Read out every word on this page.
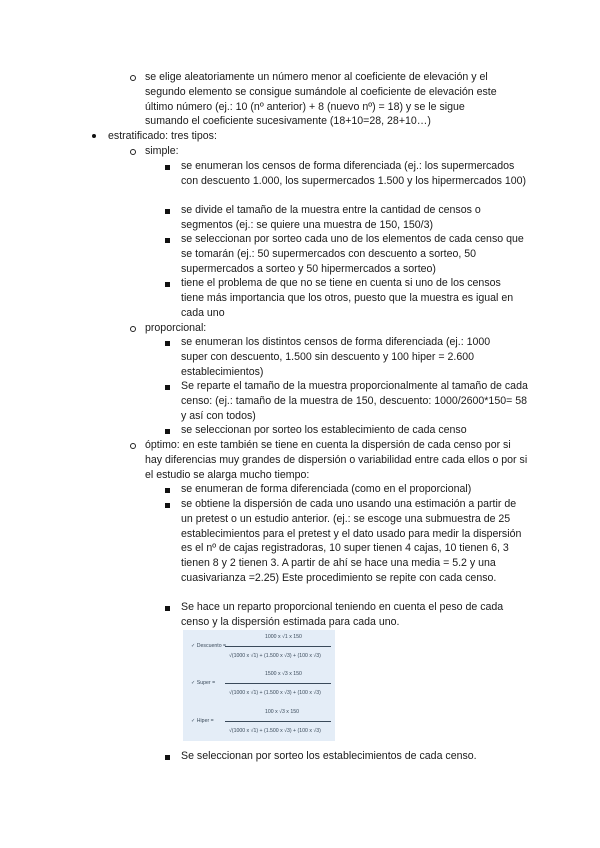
se elige aleatoriamente un número menor al coeficiente de elevación y el segundo elemento se consigue sumándole al coeficiente de elevación este último número (ej.: 10 (nº anterior) + 8 (nuevo nº) = 18) y se le sigue sumando el coeficiente sucesivamente (18+10=28, 28+10…)
estratificado: tres tipos:
simple:
se enumeran los censos de forma diferenciada (ej.: los supermercados con descuento 1.000, los supermercados 1.500 y los hipermercados 100)
se divide el tamaño de la muestra entre la cantidad de censos o segmentos (ej.: se quiere una muestra de 150, 150/3)
se seleccionan por sorteo cada uno de los elementos de cada censo que se tomarán (ej.: 50 supermercados con descuento a sorteo, 50 supermercados a sorteo y 50 hipermercados a sorteo)
tiene el problema de que no se tiene en cuenta si uno de los censos tiene más importancia que los otros, puesto que la muestra es igual en cada uno
proporcional:
se enumeran los distintos censos de forma diferenciada (ej.: 1000 super con descuento, 1.500 sin descuento y 100 hiper = 2.600 establecimientos)
Se reparte el tamaño de la muestra proporcionalmente al tamaño de cada censo: (ej.: tamaño de la muestra de 150, descuento: 1000/2600*150= 58 y así con todos)
se seleccionan por sorteo los establecimiento de cada censo
óptimo: en este también se tiene en cuenta la dispersión de cada censo por si hay diferencias muy grandes de dispersión o variabilidad entre cada ellos o por si el estudio se alarga mucho tiempo:
se enumeran de forma diferenciada (como en el proporcional)
se obtiene la dispersión de cada uno usando una estimación a partir de un pretest o un estudio anterior. (ej.: se escoge una submuestra de 25 establecimientos para el pretest y el dato usado para medir la dispersión es el nº de cajas registradoras, 10 super tienen 4 cajas, 10 tienen 6, 3 tienen 8 y 2 tienen 3. A partir de ahí se hace una media = 5.2 y una cuasivarianza =2.25) Este procedimiento se repite con cada censo.
Se hace un reparto proporcional teniendo en cuenta el peso de cada censo y la dispersión estimada para cada uno.
1000 x √1 x 150
✓ Descuento =
√(1000 x √1) + (1.500 x √3) + (100 x √3)
1500 x √3 x 150
✓ Super =
√(1000 x √1) + (1.500 x √3) + (100 x √3)
100 x √3 x 150
✓ Hiper =
√(1000 x √1) + (1.500 x √3) + (100 x √3)
Se seleccionan por sorteo los establecimientos de cada censo.
